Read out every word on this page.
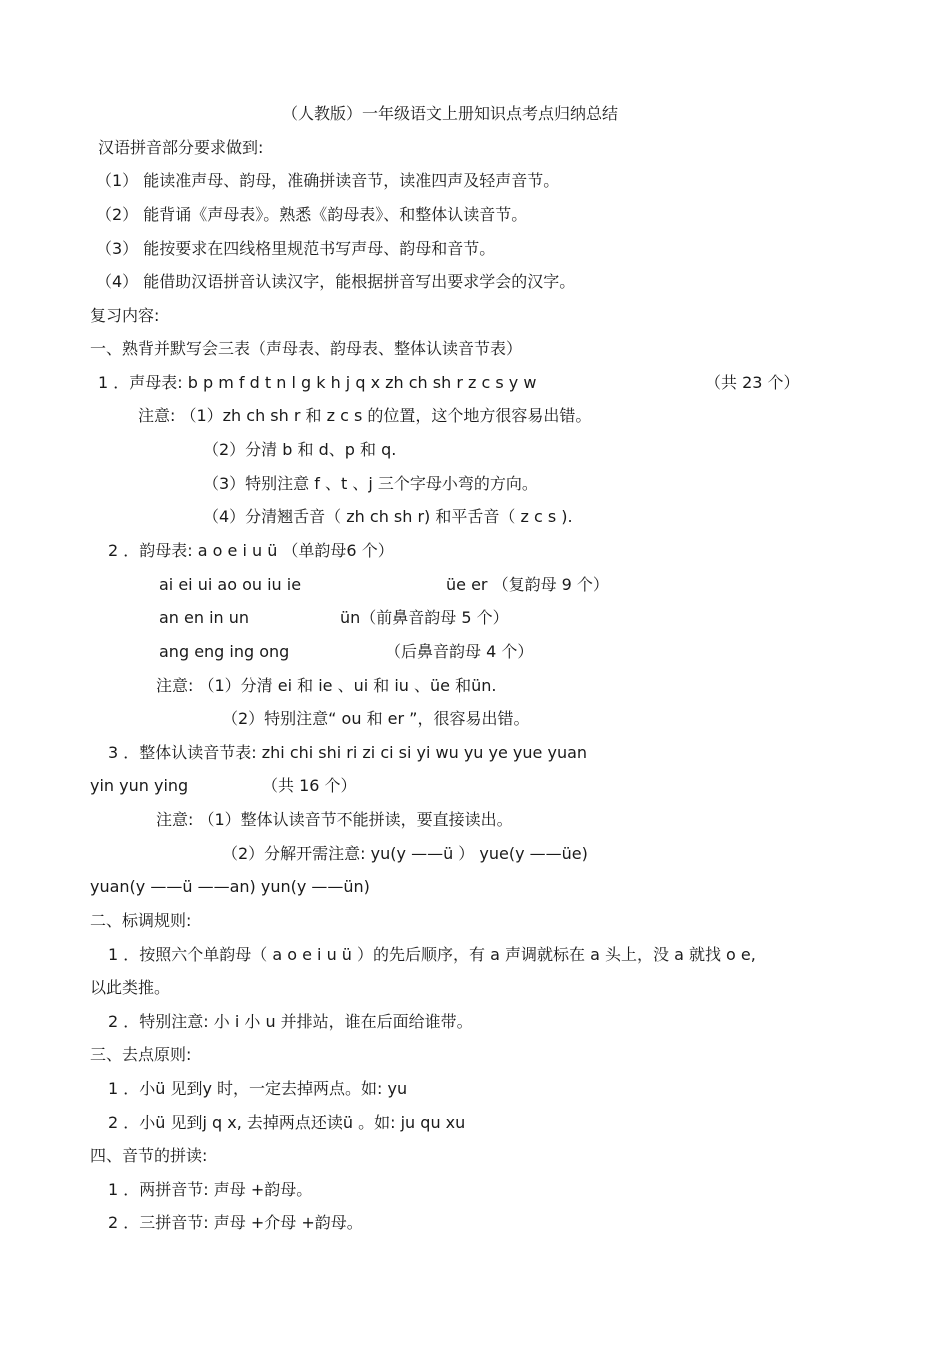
（人教版）一年级语文上册知识点考点归纳总结
汉语拼音部分要求做到:
（1） 能读准声母、韵母，准确拼读音节，读准四声及轻声音节。
（2） 能背诵《声母表》。熟悉《韵母表》、和整体认读音节。
（3） 能按要求在四线格里规范书写声母、韵母和音节。
（4） 能借助汉语拼音认读汉字，能根据拼音写出要求学会的汉字。
复习内容:
一、熟背并默写会三表（声母表、韵母表、整体认读音节表）
1 ．声母表: b p m f d t n l g k h j q x zh ch sh r z c s y w	（共 23 个）
注意: （1）zh ch sh r 和 z c s 的位置，这个地方很容易出错。
（2）分清 b 和 d、p 和 q.
（3）特别注意 f 、t 、j 三个字母小弯的方向。
（4）分清翘舌音（ zh ch sh r) 和平舌音（ z c s ).
2 ．韵母表: a o e i u ü （单韵母6 个）
ai ei ui ao ou iu ie	üe er （复韵母 9 个）
an en in un	ün（前鼻音韵母 5 个）
ang eng ing ong	（后鼻音韵母 4 个）
注意: （1）分清 ei 和 ie 、ui 和 iu 、üe 和ün.
（2）特别注意“ ou 和 er ”，很容易出错。
3 ．整体认读音节表: zhi chi shi ri zi ci si yi wu yu ye yue yuan
yin yun ying	（共 16 个）
注意: （1）整体认读音节不能拼读，要直接读出。
（2）分解开需注意: yu(y ——ü ） yue(y ——üe)
yuan(y ——ü ——an) yun(y ——ün)
二、标调规则:
1 ．按照六个单韵母（ a o e i u ü ）的先后顺序，有 a 声调就标在 a 头上，没 a 就找 o e,
以此类推。
2 ．特别注意: 小 i 小 u 并排站，谁在后面给谁带。
三、去点原则:
1 ．小ü 见到y 时，一定去掉两点。如: yu
2 ．小ü 见到j q x, 去掉两点还读ü 。如: ju qu xu
四、音节的拼读:
1 ．两拼音节: 声母 +韵母。
2 ．三拼音节: 声母 +介母 +韵母。
